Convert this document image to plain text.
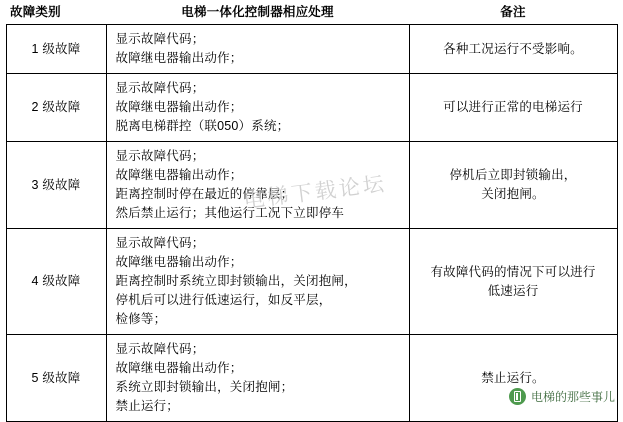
故障类别	电梯一体化控制器相应处理	备注
1 级故障	显示故障代码；
故障继电器输出动作；	各种工况运行不受影响。

2 级故障	显示故障代码；
故障继电器输出动作；
脱离电梯群控（联050）系统；	可以进行正常的电梯运行

3 级故障	显示故障代码；
故障继电器输出动作；
距离控制时停在最近的停靠层；
然后禁止运行；其他运行工况下立即停车	停机后立即封锁输出，
关闭抱闸。

4 级故障	显示故障代码；
故障继电器输出动作；
距离控制时系统立即封锁输出，关闭抱闸，
停机后可以进行低速运行，如反平层，
检修等；	有故障代码的情况下可以进行
低速运行

5 级故障	显示故障代码；
故障继电器输出动作；
系统立即封锁输出，关闭抱闸；
禁止运行；	禁止运行。
电梯下载论坛
电梯的那些事儿
